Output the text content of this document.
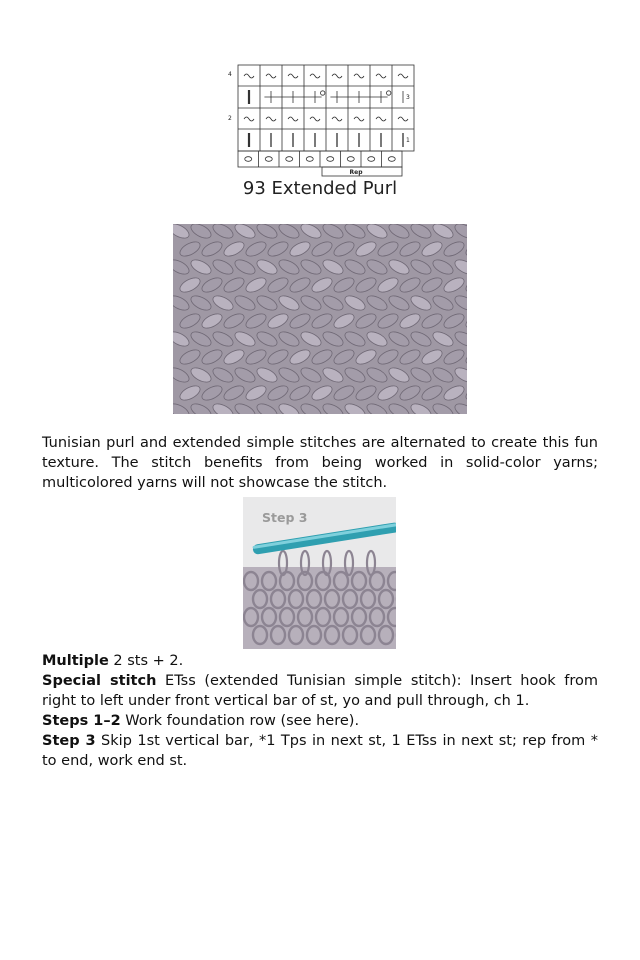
4
3
2
1
Rep
93 Extended Purl

Tunisian purl and extended simple stitches are alternated to create this fun texture. The stitch benefits from being worked in solid-color yarns; multicolored yarns will not showcase the stitch.

Step 3

Multiple 2 sts + 2.

Special stitch ETss (extended Tunisian simple stitch): Insert hook from right to left under front vertical bar of st, yo and pull through, ch 1.

Steps 1–2 Work foundation row (see here).

Step 3 Skip 1st vertical bar, *1 Tps in next st, 1 ETss in next st; rep from * to end, work end st.
